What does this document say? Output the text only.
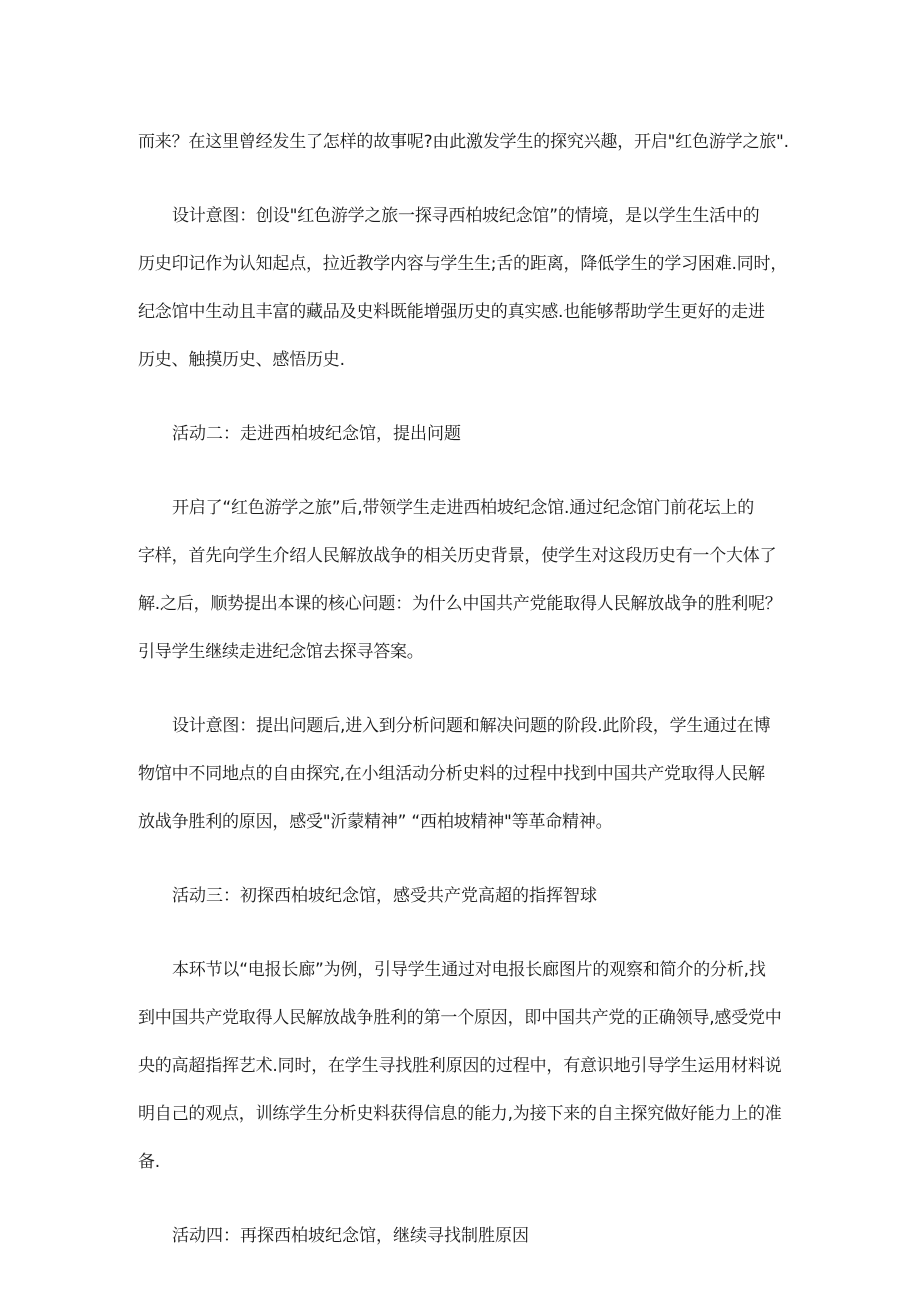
而来？在这里曾经发生了怎样的故事呢?由此激发学生的探究兴趣，开启"红色游学之旅".

设计意图：创设"红色游学之旅一探寻西柏坡纪念馆”的情境，是以学生生活中的
历史印记作为认知起点，拉近教学内容与学生生;舌的距离，降低学生的学习困难.同时，
纪念馆中生动且丰富的藏品及史料既能增强历史的真实感.也能够帮助学生更好的走进
历史、触摸历史、感悟历史.

活动二：走进西柏坡纪念馆，提出问题

开启了“红色游学之旅”后,带领学生走进西柏坡纪念馆.通过纪念馆门前花坛上的
字样，首先向学生介绍人民解放战争的相关历史背景，使学生对这段历史有一个大体了
解.之后，顺势提出本课的核心问题：为什么中国共产党能取得人民解放战争的胜利呢？
引导学生继续走进纪念馆去探寻答案。

设计意图：提出问题后,进入到分析问题和解决问题的阶段.此阶段，学生通过在博
物馆中不同地点的自由探究,在小组活动分析史料的过程中找到中国共产党取得人民解
放战争胜利的原因，感受"沂蒙精神” “西柏坡精神"等革命精神。

活动三：初探西柏坡纪念馆，感受共产党高超的指挥智球

本环节以“电报长廊”为例，引导学生通过对电报长廊图片的观察和简介的分析,找
到中国共产党取得人民解放战争胜利的第一个原因，即中国共产党的正确领导,感受党中
央的高超指挥艺术.同时，在学生寻找胜利原因的过程中，有意识地引导学生运用材料说
明自己的观点，训练学生分析史料获得信息的能力,为接下来的自主探究做好能力上的准
备.

活动四：再探西柏坡纪念馆，继续寻找制胜原因
